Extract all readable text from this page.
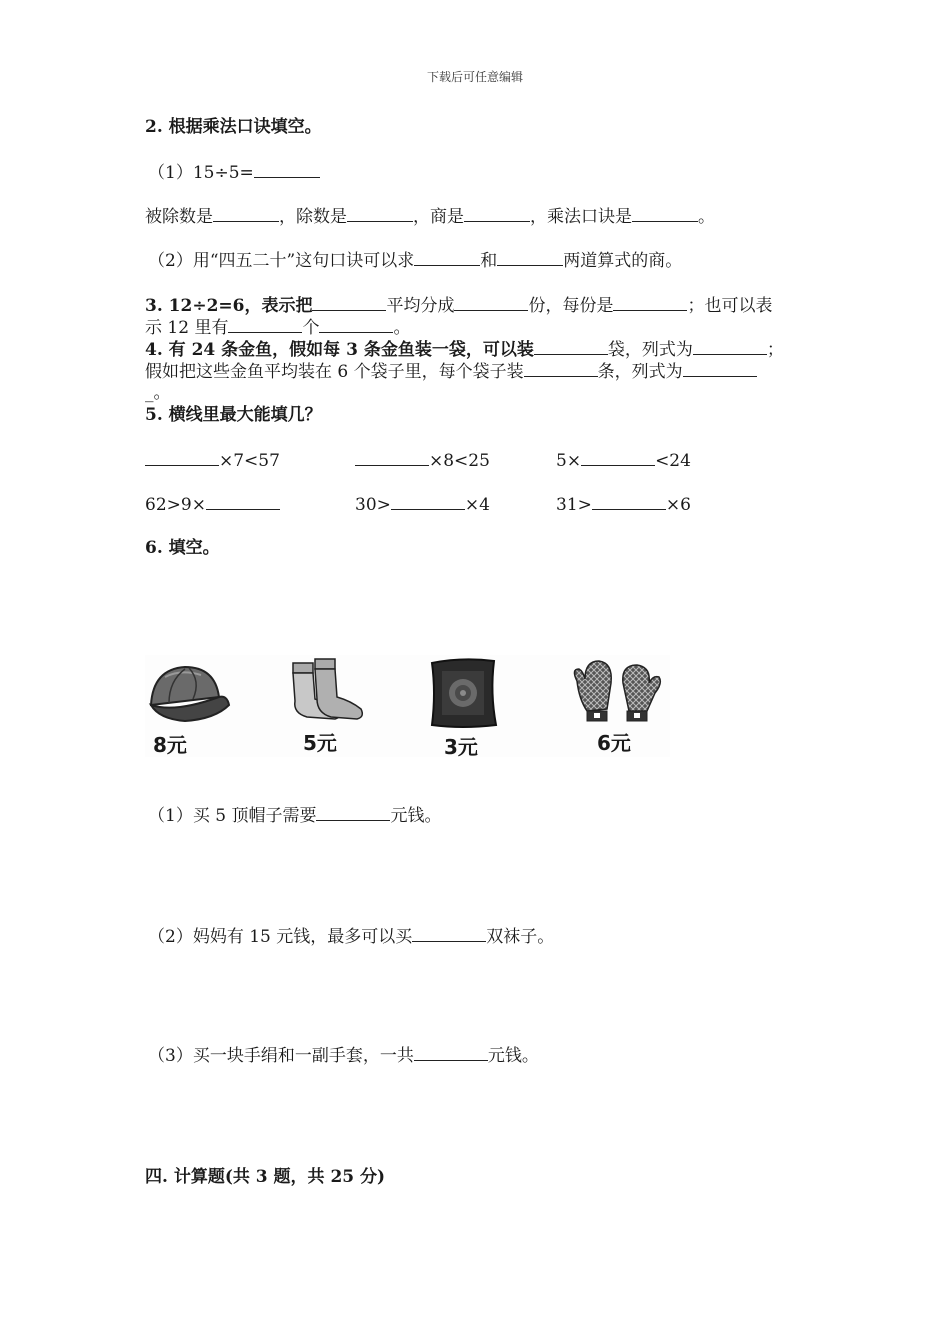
下载后可任意编辑
2. 根据乘法口诀填空。
（1）15÷5=
被除数是	，除数是	，商是	，乘法口诀是	。
（2）用“四五二十”这句口诀可以求	和	两道算式的商。
3. 12÷2=6，表示把	平均分成	份，每份是	；也可以表
示 12 里有	个	。
4. 有 24 条金鱼，假如每 3 条金鱼装一袋，可以装	袋，列式为	；
假如把这些金鱼平均装在 6 个袋子里，每个袋子装	条，列式为
_。
5. 横线里最大能填几？
×7<57	×8<25	5×	<24
62>9×	30>	×4	31>	×6
6. 填空。
8元	5元	3元	6元
（1）买 5 顶帽子需要	元钱。
（2）妈妈有 15 元钱，最多可以买	双袜子。
（3）买一块手绢和一副手套，一共	元钱。
四. 计算题(共 3 题，共 25 分)
